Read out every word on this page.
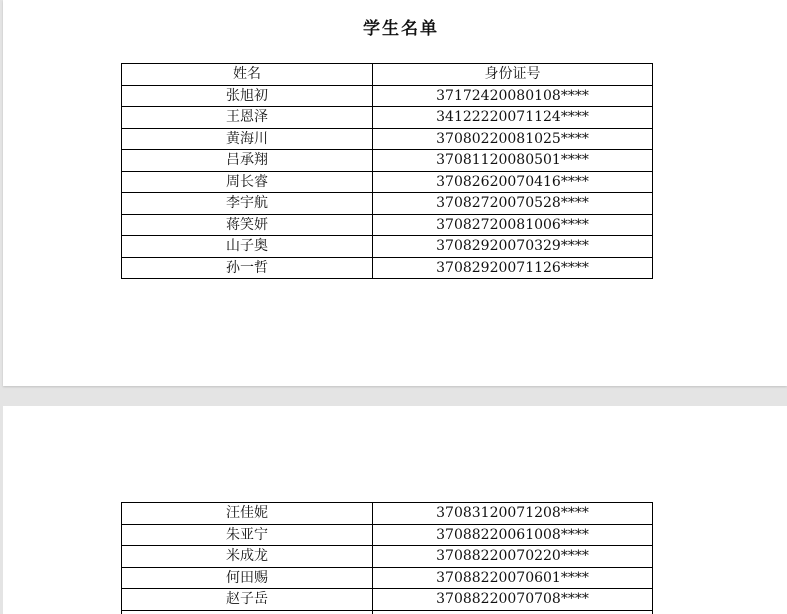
学生名单
姓名	身份证号
张旭初	37172420080108****
王恩泽	34122220071124****
黄海川	37080220081025****
吕承翔	37081120080501****
周长睿	37082620070416****
李宇航	37082720070528****
蒋笑妍	37082720081006****
山子奥	37082920070329****
孙一哲	37082920071126****
汪佳妮	37083120071208****
朱亚宁	37088220061008****
米成龙	37088220070220****
何田赐	37088220070601****
赵子岳	37088220070708****
